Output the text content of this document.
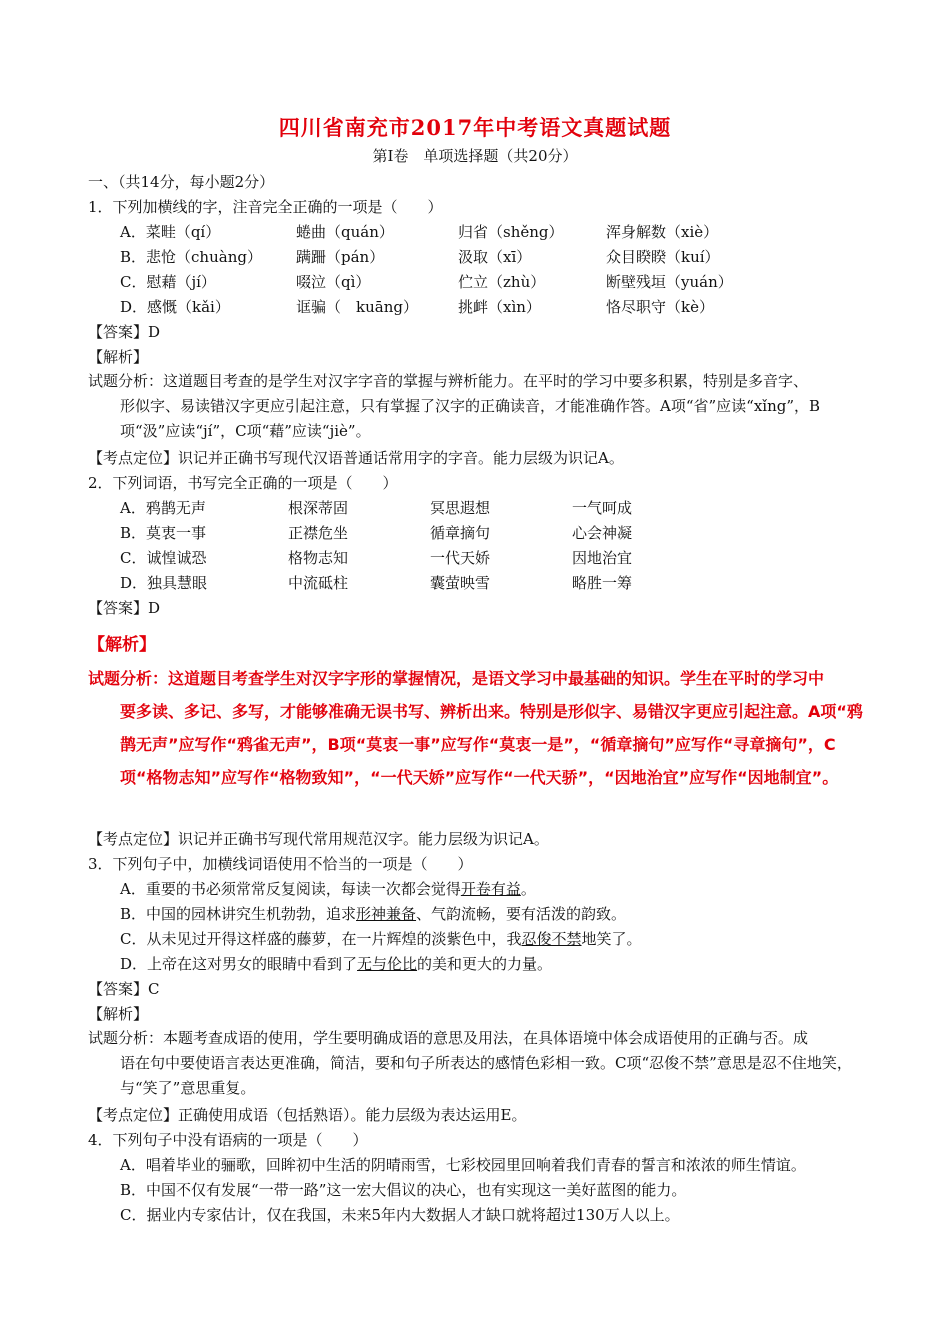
四川省南充市2017年中考语文真题试题
第Ⅰ卷　单项选择题（共20分）
一、（共14分，每小题2分）
1．下列加横线的字，注音完全正确的一项是（　　）
A．菜畦（qí）	蜷曲（quán）	归省（shěng）	浑身解数（xiè）
B．悲怆（chuàng） 蹒跚（pán）	汲取（xī）	众目睽睽（kuí）
C．慰藉（jí）	啜泣（qì）	伫立（zhù）	断壁残垣（yuán）
D．感慨（kǎi）	诓骗（　kuāng）	挑衅（xìn）	恪尽职守（kè）
【答案】D
【解析】
试题分析：这道题目考查的是学生对汉字字音的掌握与辨析能力。在平时的学习中要多积累，特别是多音字、
形似字、易读错汉字更应引起注意，只有掌握了汉字的正确读音，才能准确作答。A项“省”应读“xǐng”，B项“汲”应读“jí”，C项“藉”应读“jiè”。
【考点定位】识记并正确书写现代汉语普通话常用字的字音。能力层级为识记A。
2．下列词语，书写完全正确的一项是（　　）
A．鸦鹊无声	根深蒂固	冥思遐想	一气呵成
B．莫衷一事	正襟危坐	循章摘句	心会神凝
C．诚惶诚恐	格物志知	一代天娇	因地治宜
D．独具慧眼	中流砥柱	囊萤映雪	略胜一筹
【答案】D
【解析】
试题分析：这道题目考查学生对汉字字形的掌握情况，是语文学习中最基础的知识。学生在平时的学习中
要多读、多记、多写，才能够准确无误书写、辨析出来。特别是形似字、易错汉字更应引起注意。A项“鸦鹊无声”应写作“鸦雀无声”，B项“莫衷一事”应写作“莫衷一是”，“循章摘句”应写作“寻章摘句”，C项“格物志知”应写作“格物致知”，“一代天娇”应写作“一代天骄”，“因地治宜”应写作“因地制宜”。
【考点定位】识记并正确书写现代常用规范汉字。能力层级为识记A。
3．下列句子中，加横线词语使用不恰当的一项是（　　）
A．重要的书必须常常反复阅读，每读一次都会觉得开卷有益。
B．中国的园林讲究生机勃勃，追求形神兼备、气韵流畅，要有活泼的韵致。
C．从未见过开得这样盛的藤萝，在一片辉煌的淡紫色中，我忍俊不禁地笑了。
D．上帝在这对男女的眼睛中看到了无与伦比的美和更大的力量。
【答案】C
【解析】
试题分析：本题考查成语的使用，学生要明确成语的意思及用法，在具体语境中体会成语使用的正确与否。成
语在句中要使语言表达更准确，简洁，要和句子所表达的感情色彩相一致。C项“忍俊不禁”意思是忍不住地笑，与“笑了”意思重复。
【考点定位】正确使用成语（包括熟语）。能力层级为表达运用E。
4．下列句子中没有语病的一项是（　　）
A．唱着毕业的骊歌，回眸初中生活的阴晴雨雪，七彩校园里回响着我们青春的誓言和浓浓的师生情谊。
B．中国不仅有发展“一带一路”这一宏大倡议的决心，也有实现这一美好蓝图的能力。
C．据业内专家估计，仅在我国，未来5年内大数据人才缺口就将超过130万人以上。
